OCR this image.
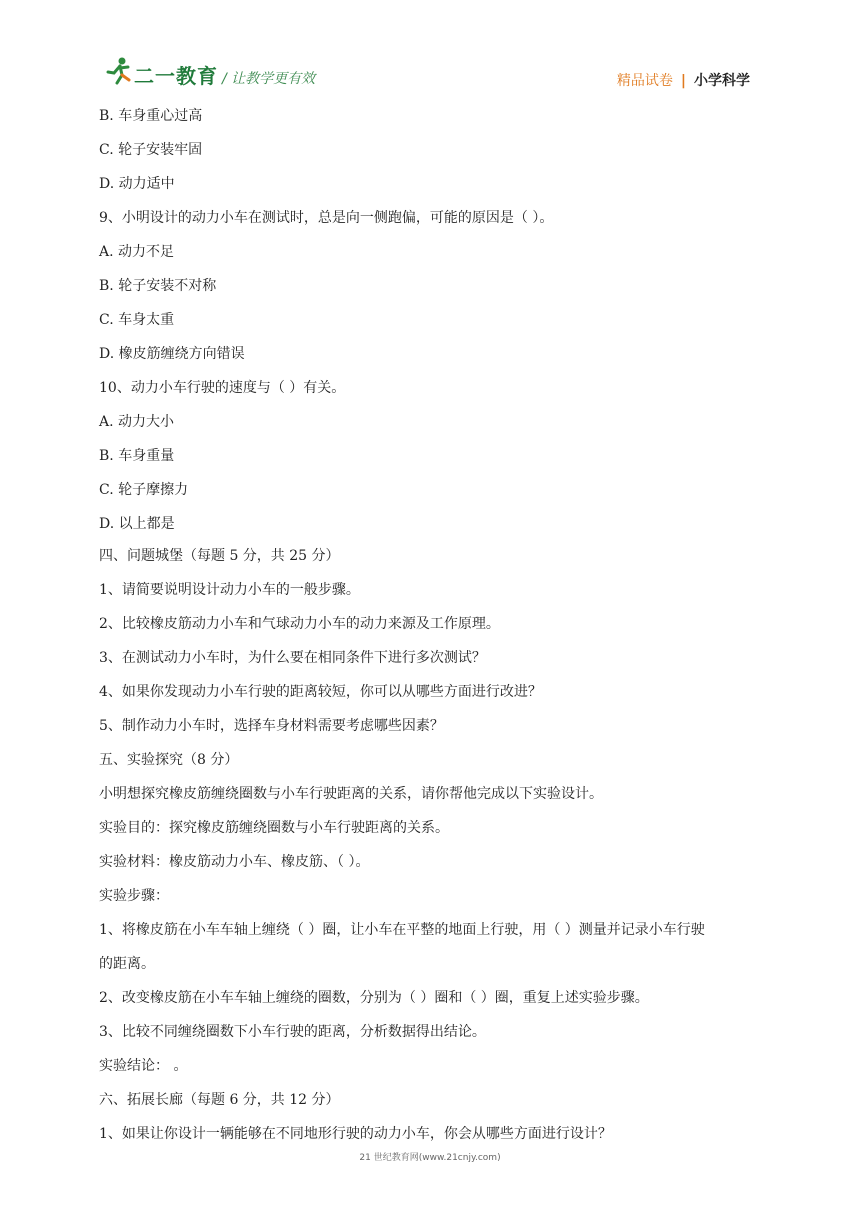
二一教育 / 让教学更有效	精品试卷 | 小学科学
B. 车身重心过高
C. 轮子安装牢固
D. 动力适中
9、小明设计的动力小车在测试时，总是向一侧跑偏，可能的原因是（ ）。
A. 动力不足
B. 轮子安装不对称
C. 车身太重
D. 橡皮筋缠绕方向错误
10、动力小车行驶的速度与（ ）有关。
A. 动力大小
B. 车身重量
C. 轮子摩擦力
D. 以上都是
四、问题城堡（每题 5 分，共 25 分）
1、请简要说明设计动力小车的一般步骤。
2、比较橡皮筋动力小车和气球动力小车的动力来源及工作原理。
3、在测试动力小车时，为什么要在相同条件下进行多次测试？
4、如果你发现动力小车行驶的距离较短，你可以从哪些方面进行改进？
5、制作动力小车时，选择车身材料需要考虑哪些因素？
五、实验探究（8 分）
小明想探究橡皮筋缠绕圈数与小车行驶距离的关系，请你帮他完成以下实验设计。
实验目的：探究橡皮筋缠绕圈数与小车行驶距离的关系。
实验材料：橡皮筋动力小车、橡皮筋、（ ）。
实验步骤：
1、将橡皮筋在小车车轴上缠绕（ ）圈，让小车在平整的地面上行驶，用（ ）测量并记录小车行驶
的距离。
2、改变橡皮筋在小车车轴上缠绕的圈数，分别为（ ）圈和（ ）圈，重复上述实验步骤。
3、比较不同缠绕圈数下小车行驶的距离，分析数据得出结论。
实验结论： 。
六、拓展长廊（每题 6 分，共 12 分）
1、如果让你设计一辆能够在不同地形行驶的动力小车，你会从哪些方面进行设计？
21 世纪教育网(www.21cnjy.com)
